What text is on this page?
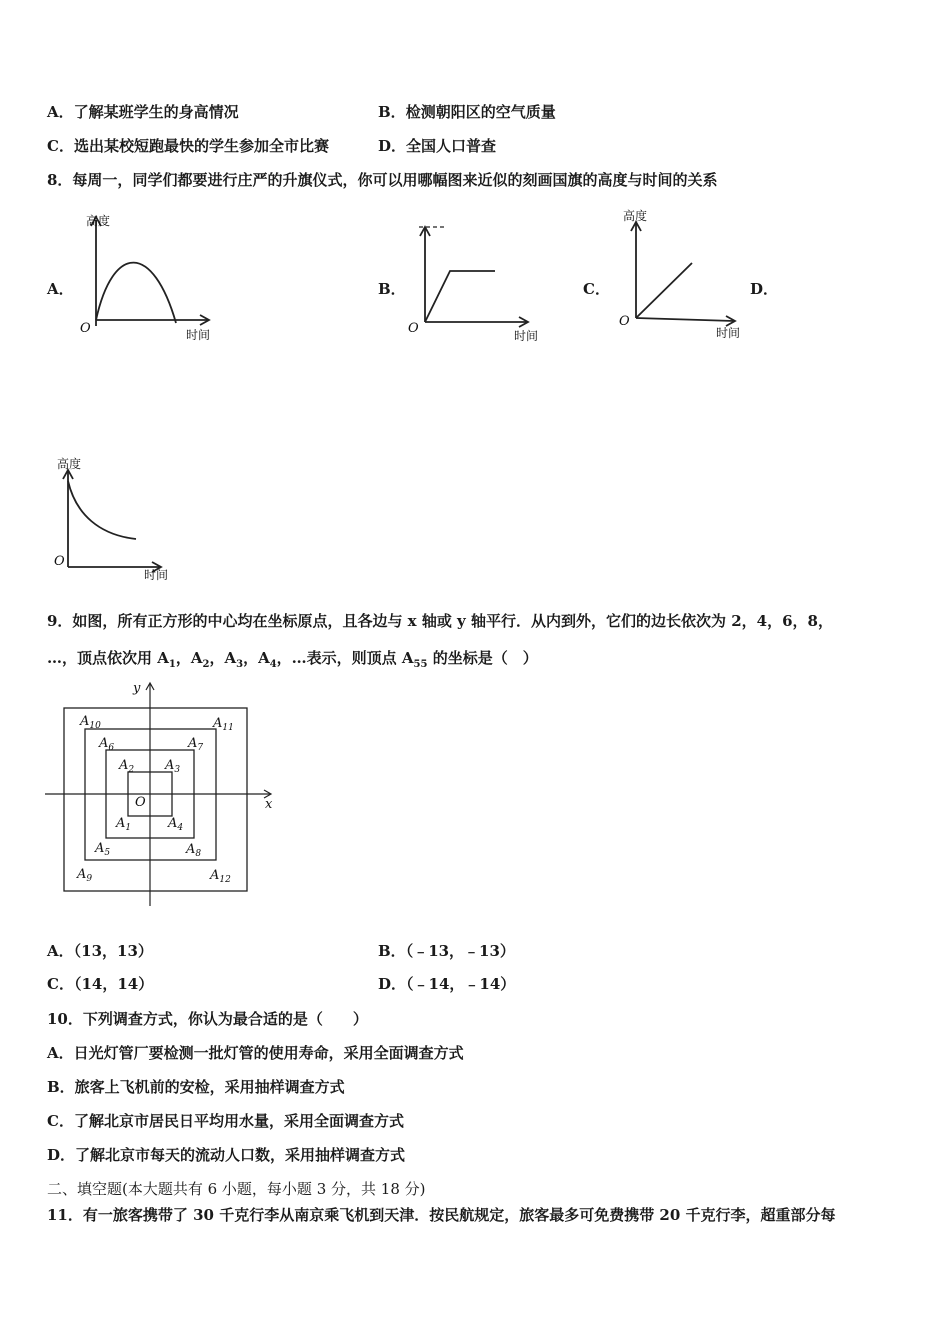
A．了解某班学生的身高情况	B．检测朝阳区的空气质量
C．选出某校短跑最快的学生参加全市比赛	D．全国人口普查
8．每周一，同学们都要进行庄严的升旗仪式，你可以用哪幅图来近似的刻画国旗的高度与时间的关系
A．	B．	C．	D．
高度
O	时间	O	时间
高度
O
时间
高度
O
时间
9．如图，所有正方形的中心均在坐标原点，且各边与 x 轴或 y 轴平行．从内到外，它们的边长依次为 2，4，6，8，
…，顶点依次用 $A_1$，$A_2$，$A_3$，$A_4$，…表示，则顶点 $A_{55}$ 的坐标是（　）
x
y
O
$A_1$
$A_2$ $A_3$
$A_4$
$A_5$
$A_6$	$A_7$
$A_8$
$A_9$
$A_{10}$	$A_{11}$
$A_{12}$
A．（13，13）	B．（﹣13，﹣13）
C．（14，14）	D．（﹣14，﹣14）
10．下列调查方式，你认为最合适的是（　　）
A．日光灯管厂要检测一批灯管的使用寿命，采用全面调查方式
B．旅客上飞机前的安检，采用抽样调查方式
C．了解北京市居民日平均用水量，采用全面调查方式
D．了解北京市每天的流动人口数，采用抽样调查方式
二、填空题(本大题共有 6 小题，每小题 3 分，共 18 分)
11．有一旅客携带了 30 千克行李从南京乘飞机到天津．按民航规定，旅客最多可免费携带 20 千克行李，超重部分每
